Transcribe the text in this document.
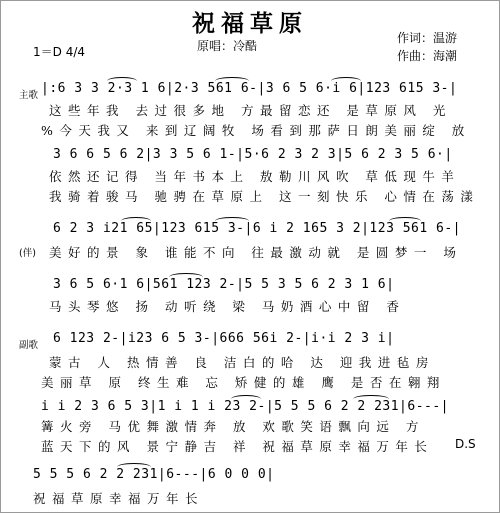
祝福草原
原唱：冷酷
作词：温游
作曲：海潮
1＝D 4/4
主歌 |:6 3 3 2·3 1 6|2·3 561 6-|3 6 5 6·i 6|123 615 3-|
这些年我 去过很多地 方最留恋还 是草原风 光
%今天我又 来到辽阔牧 场看到那萨日朗美丽绽 放
3 6 6 5 6 2|3 3 5 6 1-|5·6 2 3 2 3|5 6 2 3 5 6·|
依然还记得 当年书本上 敖勒川风吹 草低现牛羊
我骑着骏马 驰骋在草原上 这一刻快乐 心情在荡漾
6 2 3 i21 65|123 615 3-|6 i 2 165 3 2|123 561 6-|
(伴) 美好的景 象 谁能不向 往最激动就 是圆梦一 场
3 6 5 6·1 6|561 123 2-|5 5 3 5 6 2 3 1 6|
马头琴悠 扬 动听绕 梁 马奶酒心中留 香
副歌 6 123 2-|i23 6 5 3-|666 56i 2-|i·i 2 3 i|
蒙古 人 热情善 良 洁白的哈 达 迎我进毡房
美丽草 原 终生难 忘 矫健的雄 鹰 是否在翱翔
i i 2 3 6 5 3|1 i 1 i 23 2-|5 5 5 6 2 2 231|6---|
篝火旁 马优舞激情奔 放 欢歌笑语飘向远 方
蓝天下的风 景宁静吉 祥 祝福草原幸福万年长 D.S
5 5 5 6 2 2 231|6---|6 0 0 0|
祝福草原幸福万年长
